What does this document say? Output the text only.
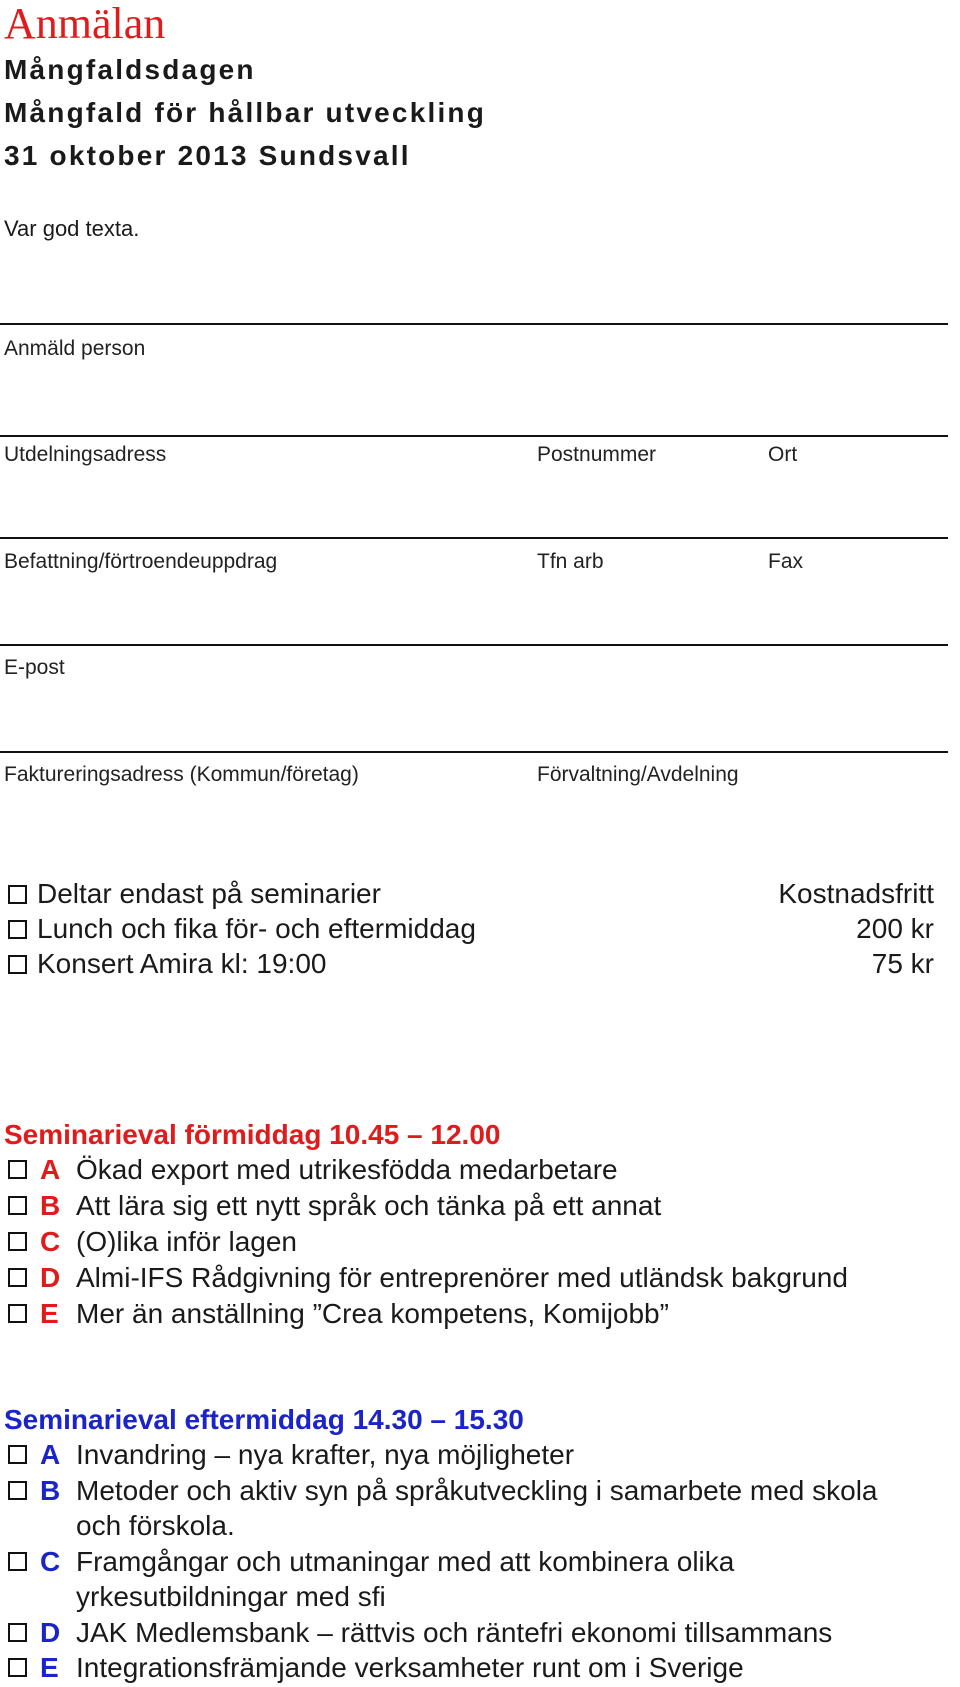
Anmälan
Mångfaldsdagen
Mångfald för hållbar utveckling
31 oktober 2013 Sundsvall
Var god texta.
Anmäld person
Utdelningsadress	Postnummer	Ort
Befattning/förtroendeuppdrag	Tfn arb	Fax
E-post
Faktureringsadress (Kommun/företag)	Förvaltning/Avdelning
Deltar endast på seminarier	Kostnadsfritt
Lunch och fika för- och eftermiddag	200 kr
Konsert Amira kl: 19:00	75 kr
Seminarieval förmiddag 10.45 – 12.00
A Ökad export med utrikesfödda medarbetare
B Att lära sig ett nytt språk och tänka på ett annat
C (O)lika inför lagen
D Almi-IFS Rådgivning för entreprenörer med utländsk bakgrund
E Mer än anställning ”Crea kompetens, Komijobb”
Seminarieval eftermiddag 14.30 – 15.30
A Invandring – nya krafter, nya möjligheter
B Metoder och aktiv syn på språkutveckling i samarbete med skola
och förskola.
C Framgångar och utmaningar med att kombinera olika
yrkesutbildningar med sfi
D JAK Medlemsbank – rättvis och räntefri ekonomi tillsammans
E Integrationsfrämjande verksamheter runt om i Sverige
